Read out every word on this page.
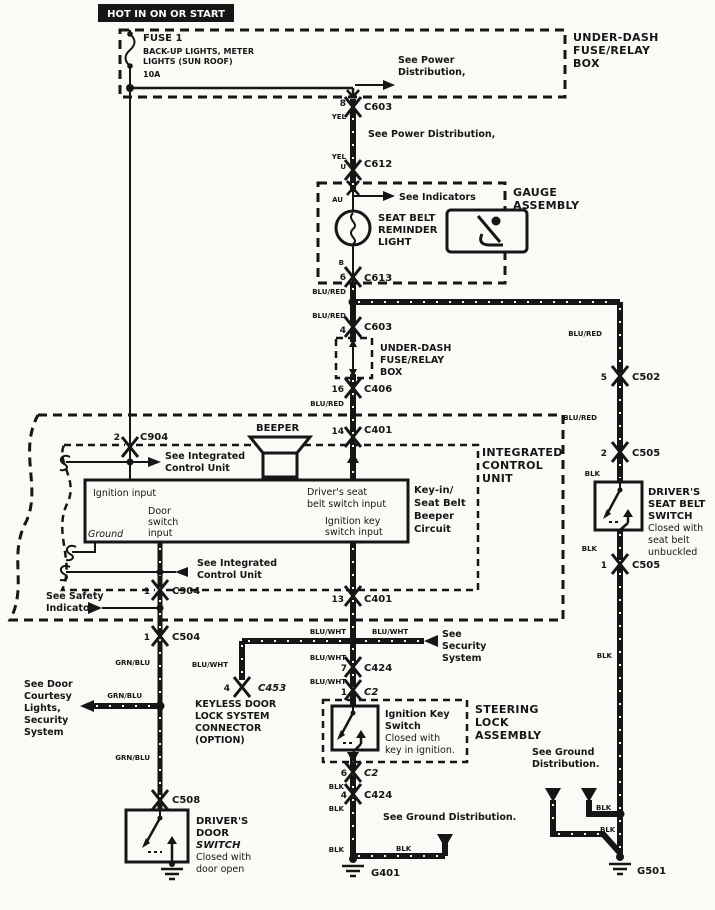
HOT IN ON OR START
FUSE 1
BACK-UP LIGHTS, METER
LIGHTS (SUN ROOF)
10A
UNDER-DASH
FUSE/RELAY
BOX
See Power
Distribution,
8 C603
YEL
See Power Distribution,
YEL
U C612
GAUGE
ASSEMBLY
AU	See Indicators
SEAT BELT
REMINDER
LIGHT
B
6 C613
BLU/RED
BLU/RED
4 C603
UNDER-DASH
FUSE/RELAY
BOX
16 C406
BLU/RED
14 C401
2 C904
BEEPER
INTEGRATED
CONTROL
UNIT
See Integrated
Control Unit
Ignition input
Door
switch
input
Ground
Driver's seat
belt switch input
Ignition key
switch input
Key-in/
Seat Belt
Beeper
Circuit
See Integrated
Control Unit
1 C904
See Safety
Indicator
1 C504
13 C401
BLU/WHT	BLU/WHT	See
Security
System
BLU/WHT
7 C424
BLU/WHT
1 C2
BLU/WHT
4	C453
KEYLESS DOOR
LOCK SYSTEM
CONNECTOR
(OPTION)
STEERING
LOCK
ASSEMBLY
Ignition Key
Switch
Closed with
key in ignition.
6 C2
BLK
4 C424
BLK
See Ground Distribution.
BLK	BLK
G401
GRN/BLU
GRN/BLU
See Door
Courtesy
Lights,
Security
System
GRN/BLU
C508
DRIVER'S
DOOR
SWITCH
Closed with
door open
BLU/RED
5	C502
BLU/RED
2	C505
BLK
DRIVER'S
SEAT BELT
SWITCH
Closed with
seat belt
unbuckled
BLK
1	C505
BLK
See Ground
Distribution.
BLK
BLK
G501
